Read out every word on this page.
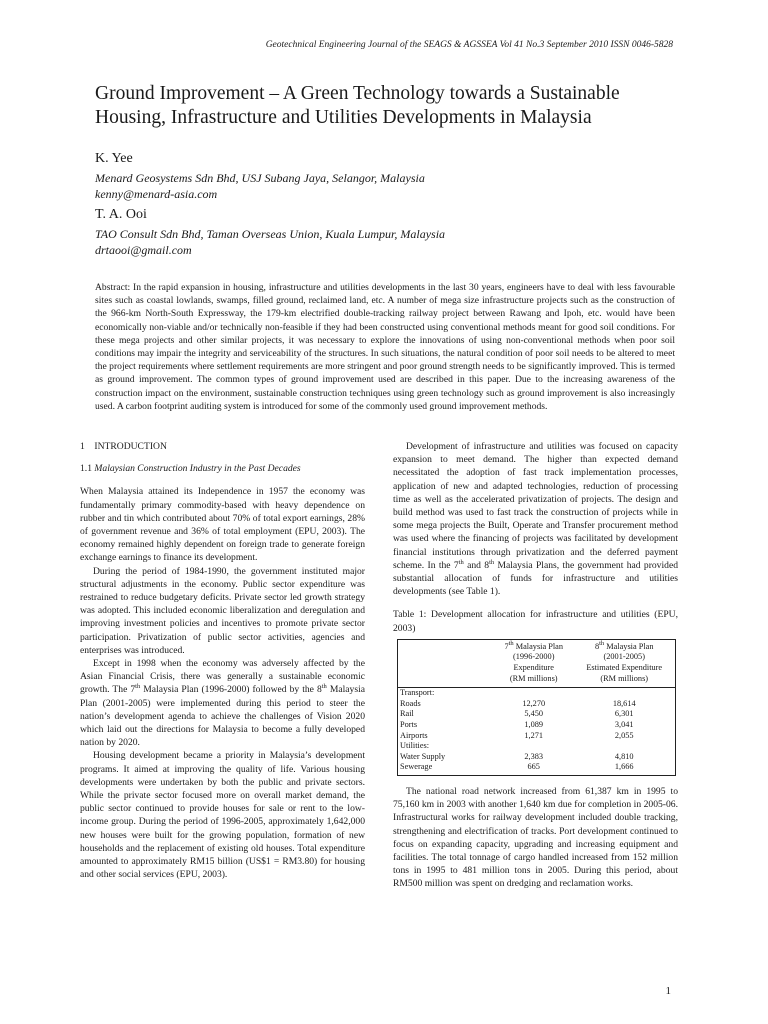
Geotechnical Engineering Journal of the SEAGS & AGSSEA Vol 41 No.3 September 2010 ISSN 0046-5828
Ground Improvement – A Green Technology towards a Sustainable Housing, Infrastructure and Utilities Developments in Malaysia
K. Yee
Menard Geosystems Sdn Bhd, USJ Subang Jaya, Selangor, Malaysia
kenny@menard-asia.com
T. A. Ooi
TAO Consult Sdn Bhd, Taman Overseas Union, Kuala Lumpur, Malaysia
drtaooi@gmail.com

Abstract: In the rapid expansion in housing, infrastructure and utilities developments in the last 30 years, engineers have to deal with less favourable sites such as coastal lowlands, swamps, filled ground, reclaimed land, etc. A number of mega size infrastructure projects such as the construction of the 966-km North-South Expressway, the 179-km electrified double-tracking railway project between Rawang and Ipoh, etc. would have been economically non-viable and/or technically non-feasible if they had been constructed using conventional methods meant for good soil conditions. For these mega projects and other similar projects, it was necessary to explore the innovations of using non-conventional methods when poor soil conditions may impair the integrity and serviceability of the structures. In such situations, the natural condition of poor soil needs to be altered to meet the project requirements where settlement requirements are more stringent and poor ground strength needs to be significantly improved. This is termed as ground improvement. The common types of ground improvement used are described in this paper. Due to the increasing awareness of the construction impact on the environment, sustainable construction techniques using green technology such as ground improvement is also increasingly used. A carbon footprint auditing system is introduced for some of the commonly used ground improvement methods.

1 INTRODUCTION
1.1 Malaysian Construction Industry in the Past Decades

When Malaysia attained its Independence in 1957 the economy was fundamentally primary commodity-based with heavy dependence on rubber and tin which contributed about 70% of total export earnings, 28% of government revenue and 36% of total employment (EPU, 2003). The economy remained highly dependent on foreign trade to generate foreign exchange earnings to finance its development.

During the period of 1984-1990, the government instituted major structural adjustments in the economy. Public sector expenditure was restrained to reduce budgetary deficits. Private sector led growth strategy was adopted. This included economic liberalization and deregulation and improving investment policies and incentives to promote private sector participation. Privatization of public sector activities, agencies and enterprises was introduced.

Except in 1998 when the economy was adversely affected by the Asian Financial Crisis, there was generally a sustainable economic growth. The 7th Malaysia Plan (1996-2000) followed by the 8th Malaysia Plan (2001-2005) were implemented during this period to steer the nation’s development agenda to achieve the challenges of Vision 2020 which laid out the directions for Malaysia to become a fully developed nation by 2020.

Housing development became a priority in Malaysia’s development programs. It aimed at improving the quality of life. Various housing developments were undertaken by both the public and private sectors. While the private sector focused more on overall market demand, the public sector continued to provide houses for sale or rent to the low-income group. During the period of 1996-2005, approximately 1,642,000 new houses were built for the growing population, formation of new households and the replacement of existing old houses. Total expenditure amounted to approximately RM15 billion (US$1 = RM3.80) for housing and other social services (EPU, 2003).

Development of infrastructure and utilities was focused on capacity expansion to meet demand. The higher than expected demand necessitated the adoption of fast track implementation processes, application of new and adapted technologies, reduction of processing time as well as the accelerated privatization of projects. The design and build method was used to fast track the construction of projects while in some mega projects the Built, Operate and Transfer procurement method was used where the financing of projects was facilitated by development financial institutions through privatization and the deferred payment scheme. In the 7th and 8th Malaysia Plans, the government had provided substantial allocation of funds for infrastructure and utilities developments (see Table 1).

Table 1: Development allocation for infrastructure and utilities (EPU, 2003)

	7th Malaysia Plan
(1996-2000)
Expenditure
(RM millions)	8th Malaysia Plan
(2001-2005)
Estimated Expenditure
(RM millions)
Transport:		
Roads	12,270	18,614
Rail	5,450	6,301
Ports	1,089	3,041
Airports	1,271	2,055
Utilities:		
Water Supply	2,383	4,810
Sewerage	665	1,666

The national road network increased from 61,387 km in 1995 to 75,160 km in 2003 with another 1,640 km due for completion in 2005-06. Infrastructural works for railway development included double tracking, strengthening and electrification of tracks. Port development continued to focus on expanding capacity, upgrading and increasing equipment and facilities. The total tonnage of cargo handled increased from 152 million tons in 1995 to 481 million tons in 2005. During this period, about RM500 million was spent on dredging and reclamation works.

1
